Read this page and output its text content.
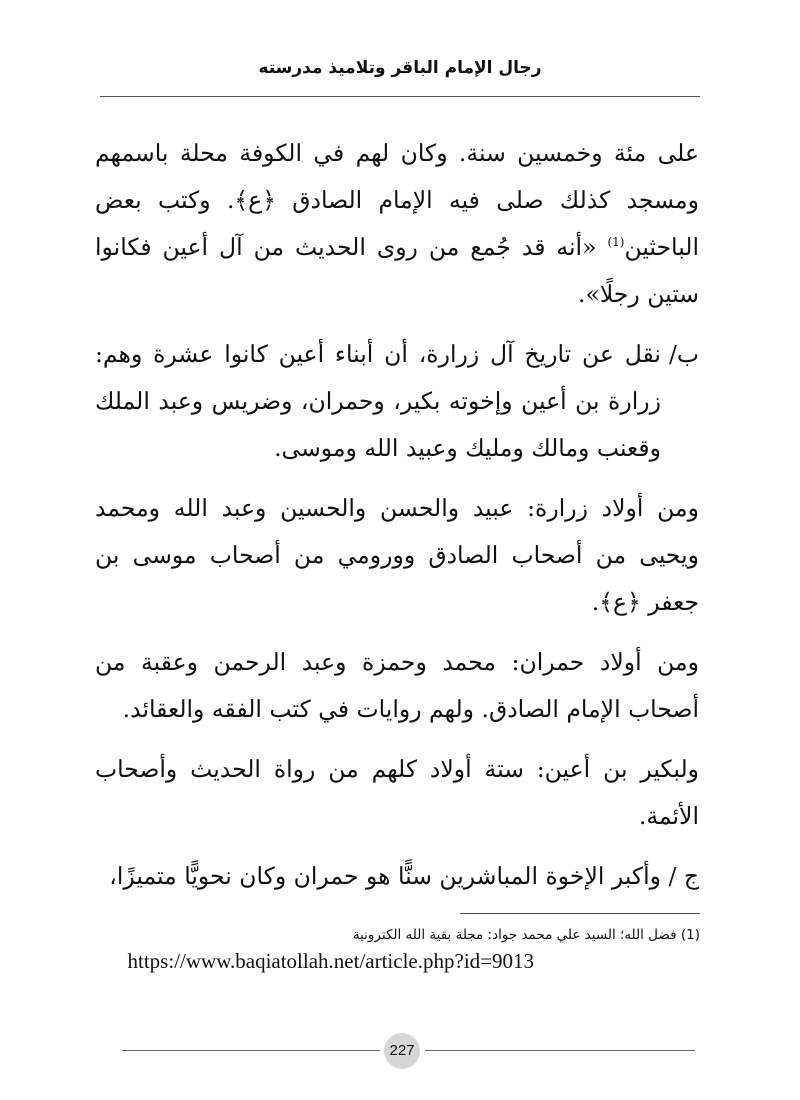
رجال الإمام الباقر وتلاميذ مدرسته

على مئة وخمسين سنة. وكان لهم في الكوفة محلة باسمهم ومسجد كذلك صلى فيه الإمام الصادق ﴿ع﴾. وكتب بعض الباحثين$^{(1)}$ «أنه قد جُمع من روى الحديث من آل أعين فكانوا ستين رجلًا».

ب/
نقل عن تاريخ آل زرارة، أن أبناء أعين كانوا عشرة وهم: زرارة بن أعين وإخوته بكير، وحمران، وضريس وعبد الملك وقعنب ومالك ومليك وعبيد الله وموسى.

ومن أولاد زرارة: عبيد والحسن والحسين وعبد الله ومحمد ويحيى من أصحاب الصادق وورومي من أصحاب موسى بن جعفر ﴿ع﴾.

ومن أولاد حمران: محمد وحمزة وعبد الرحمن وعقبة من أصحاب الإمام الصادق. ولهم روايات في كتب الفقه والعقائد.

ولبكير بن أعين: ستة أولاد كلهم من رواة الحديث وأصحاب الأئمة.

ج / وأكبر الإخوة المباشرين سنًّا هو حمران وكان نحويًّا متميزًا،

(1) فضل الله؛ السيد علي محمد جواد: مجلة بقية الله الكترونية
https://www.baqiatollah.net/article.php?id=9013
227
